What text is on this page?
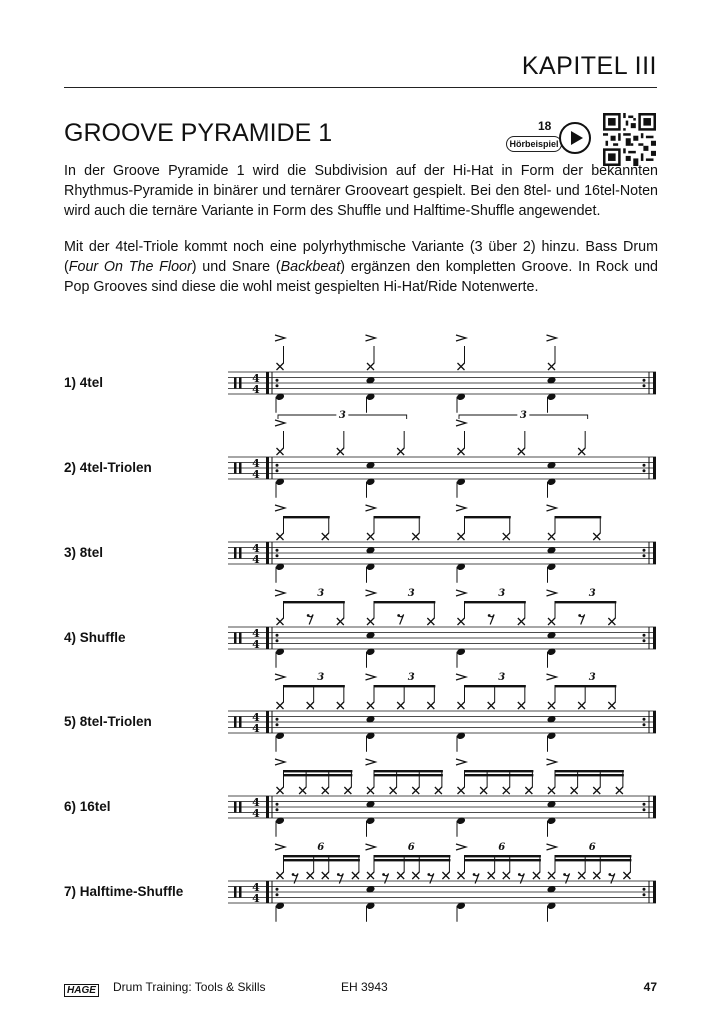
KAPITEL III
GROOVE PYRAMIDE 1	18
Hörbeispiel
In der Groove Pyramide 1 wird die Subdivision auf der Hi-Hat in Form der bekannten Rhythmus-Pyramide in binärer und ternärer Grooveart gespielt. Bei den 8tel- und 16tel-Noten wird auch die ternäre Variante in Form des Shuffle und Halftime-Shuffle angewendet.
Mit der 4tel-Triole kommt noch eine polyrhythmische Variante (3 über 2) hinzu. Bass Drum (Four On The Floor) und Snare (Backbeat) ergänzen den kompletten Groove. In Rock und Pop Grooves sind diese die wohl meist gespielten Hi-Hat/Ride Notenwerte.
1) 4tel
2) 4tel-Triolen
3) 8tel
4) Shuffle
5) 8tel-Triolen
6) 16tel
7) Halftime-Shuffle
4
4
4
4
3	3
4
4
4
4
3	3	3	3
4
4
3	3	3	3
4
4
4
4
6	6	6	6
HAGE Drum Training: Tools & Skills	EH 3943	47
